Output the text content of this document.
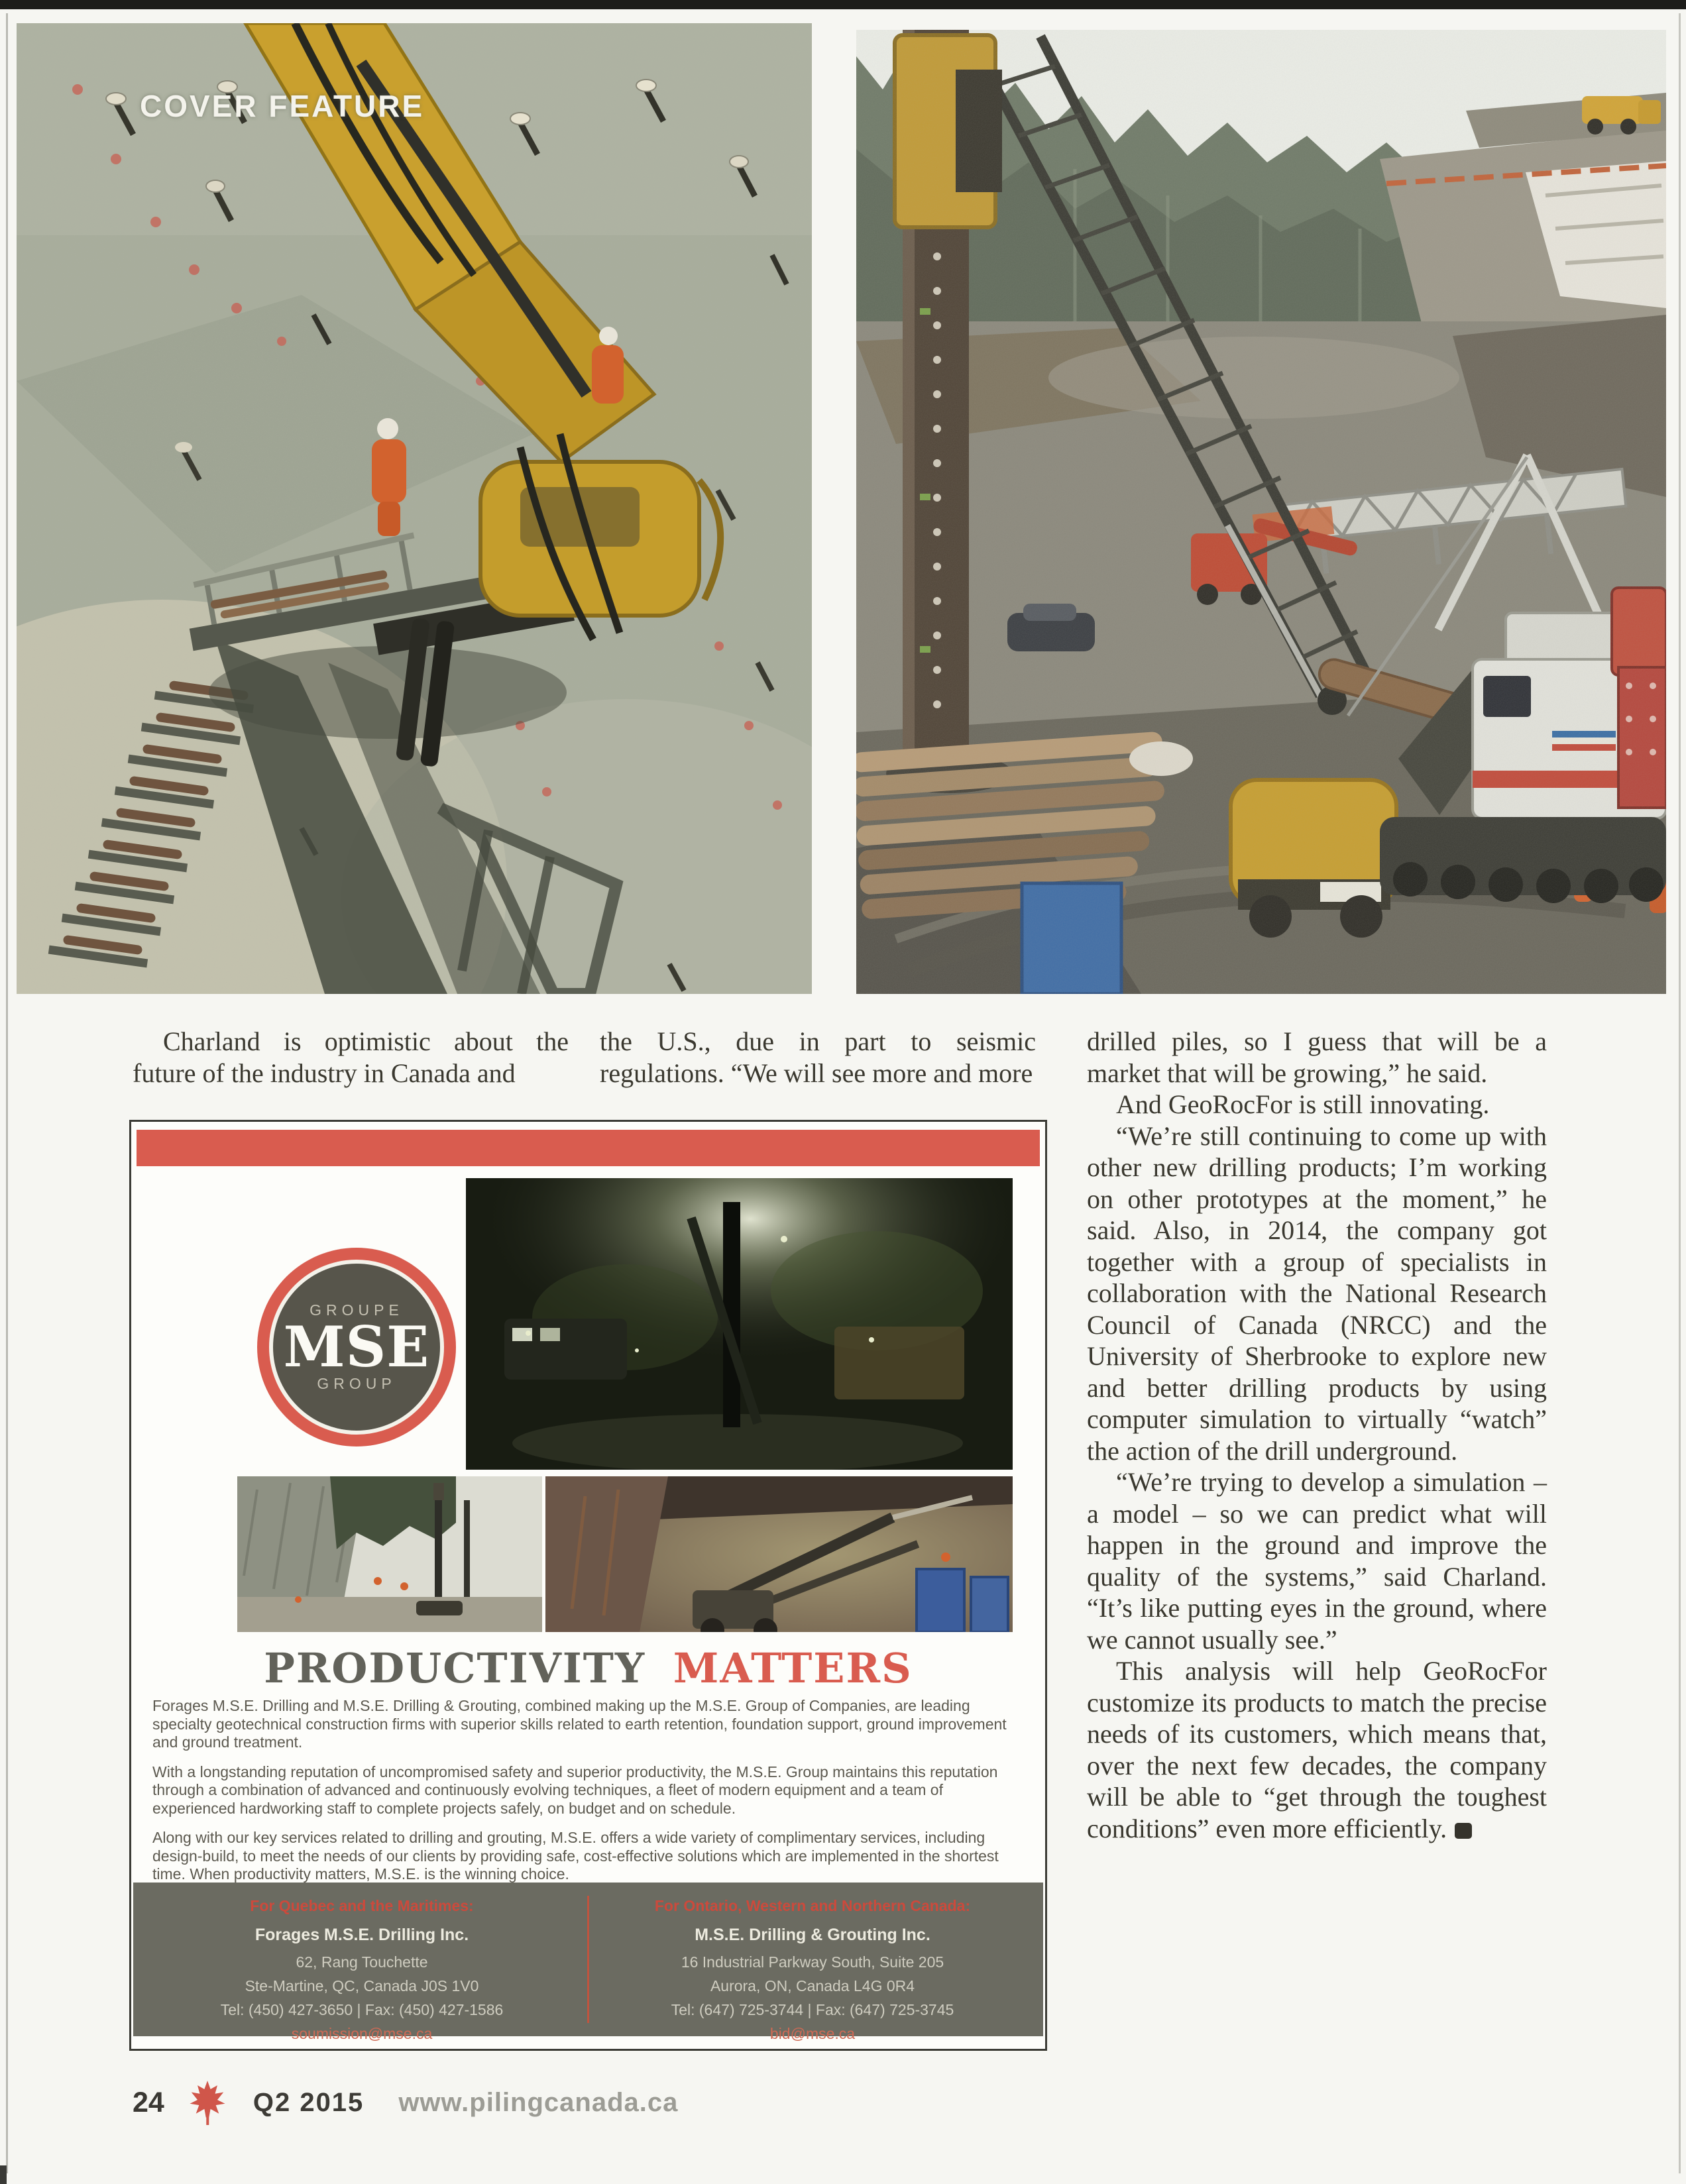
COVER FEATURE
Charland is optimistic about the future of the industry in Canada and
the U.S., due in part to seismic regulations. “We will see more and more
drilled piles, so I guess that will be a market that will be growing,” he said.
And GeoRocFor is still innovating.
“We’re still continuing to come up with other new drilling products; I’m working on other prototypes at the moment,” he said. Also, in 2014, the company got together with a group of specialists in collaboration with the National Research Council of Canada (NRCC) and the University of Sherbrooke to explore new and better drilling products by using computer simulation to virtually “watch” the action of the drill underground.
“We’re trying to develop a simulation – a model – so we can predict what will happen in the ground and improve the quality of the systems,” said Charland. “It’s like putting eyes in the ground, where we cannot usually see.”
This analysis will help GeoRocFor customize its products to match the precise needs of its customers, which means that, over the next few decades, the company will be able to “get through the toughest conditions” even more efficiently.
GROUPE
MSE
GROUP
PRODUCTIVITY MATTERS
Forages M.S.E. Drilling and M.S.E. Drilling & Grouting, combined making up the M.S.E. Group of Companies, are leading specialty geotechnical construction firms with superior skills related to earth retention, foundation support, ground improvement and ground treatment.
With a longstanding reputation of uncompromised safety and superior productivity, the M.S.E. Group maintains this reputation through a combination of advanced and continuously evolving techniques, a fleet of modern equipment and a team of experienced hardworking staff to complete projects safely, on budget and on schedule.
Along with our key services related to drilling and grouting, M.S.E. offers a wide variety of complimentary services, including design-build, to meet the needs of our clients by providing safe, cost-effective solutions which are implemented in the shortest time. When productivity matters, M.S.E. is the winning choice.
For Quebec and the Maritimes:
Forages M.S.E. Drilling Inc.
62, Rang Touchette
Ste-Martine, QC, Canada J0S 1V0
Tel: (450) 427-3650 | Fax: (450) 427-1586
soumission@mse.ca
For Ontario, Western and Northern Canada:
M.S.E. Drilling & Grouting Inc.
16 Industrial Parkway South, Suite 205
Aurora, ON, Canada L4G 0R4
Tel: (647) 725-3744 | Fax: (647) 725-3745
bid@mse.ca
24	Q2 2015 www.pilingcanada.ca
